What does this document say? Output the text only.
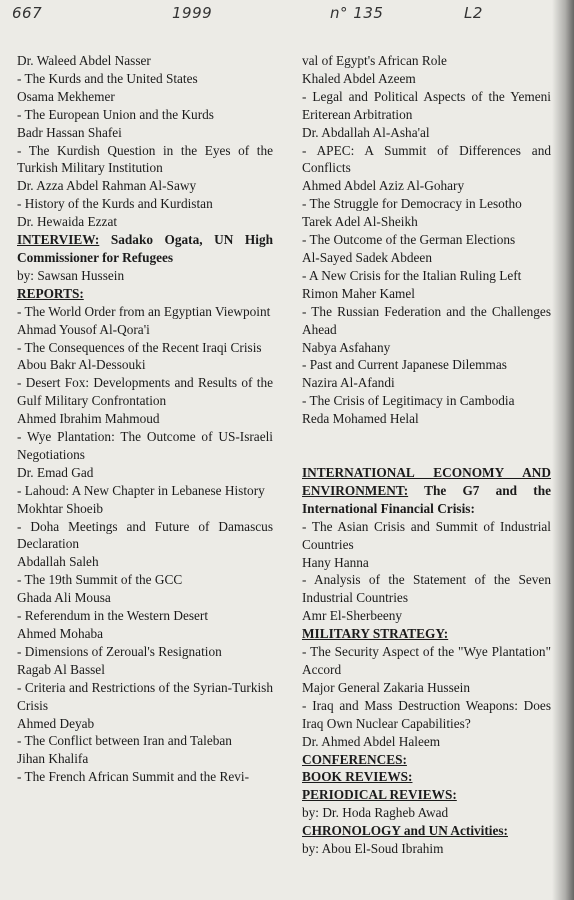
667	1999	n° 135	L2

Dr. Waleed Abdel Nasser

- The Kurds and the United States

Osama Mekhemer

- The European Union and the Kurds

Badr Hassan Shafei

- The Kurdish Question in the Eyes of the Turkish Military Institution

Dr. Azza Abdel Rahman Al-Sawy

- History of the Kurds and Kurdistan

Dr. Hewaida Ezzat

INTERVIEW: Sadako Ogata, UN High Commissioner for Refugees

by: Sawsan Hussein

REPORTS:

- The World Order from an Egyptian Viewpoint

Ahmad Yousof Al-Qora'i

- The Consequences of the Recent Iraqi Crisis

Abou Bakr Al-Dessouki

- Desert Fox: Developments and Results of the Gulf Military Confrontation

Ahmed Ibrahim Mahmoud

- Wye Plantation: The Outcome of US-Israeli Negotiations

Dr. Emad Gad

- Lahoud: A New Chapter in Lebanese History

Mokhtar Shoeib

- Doha Meetings and Future of Damascus Declaration

Abdallah Saleh

- The 19th Summit of the GCC

Ghada Ali Mousa

- Referendum in the Western Desert

Ahmed Mohaba

- Dimensions of Zeroual's Resignation

Ragab Al Bassel

- Criteria and Restrictions of the Syrian-Turkish Crisis

Ahmed Deyab

- The Conflict between Iran and Taleban

Jihan Khalifa

- The French African Summit and the Revi-

val of Egypt's African Role

Khaled Abdel Azeem

- Legal and Political Aspects of the Yemeni Eriterean Arbitration

Dr. Abdallah Al-Asha'al

- APEC: A Summit of Differences and Conflicts

Ahmed Abdel Aziz Al-Gohary

- The Struggle for Democracy in Lesotho

Tarek Adel Al-Sheikh

- The Outcome of the German Elections

Al-Sayed Sadek Abdeen

- A New Crisis for the Italian Ruling Left

Rimon Maher Kamel

- The Russian Federation and the Challenges Ahead

Nabya Asfahany

- Past and Current Japanese Dilemmas

Nazira Al-Afandi

- The Crisis of Legitimacy in Cambodia

Reda Mohamed Helal

INTERNATIONAL ECONOMY AND ENVIRONMENT: The G7 and the International Financial Crisis:

- The Asian Crisis and Summit of Industrial Countries

Hany Hanna

- Analysis of the Statement of the Seven Industrial Countries

Amr El-Sherbeeny

MILITARY STRATEGY:

- The Security Aspect of the "Wye Plantation" Accord

Major General Zakaria Hussein

- Iraq and Mass Destruction Weapons: Does Iraq Own Nuclear Capabilities?

Dr. Ahmed Abdel Haleem

CONFERENCES:

BOOK REVIEWS:

PERIODICAL REVIEWS:

by: Dr. Hoda Ragheb Awad

CHRONOLOGY and UN Activities:

by: Abou El-Soud Ibrahim
